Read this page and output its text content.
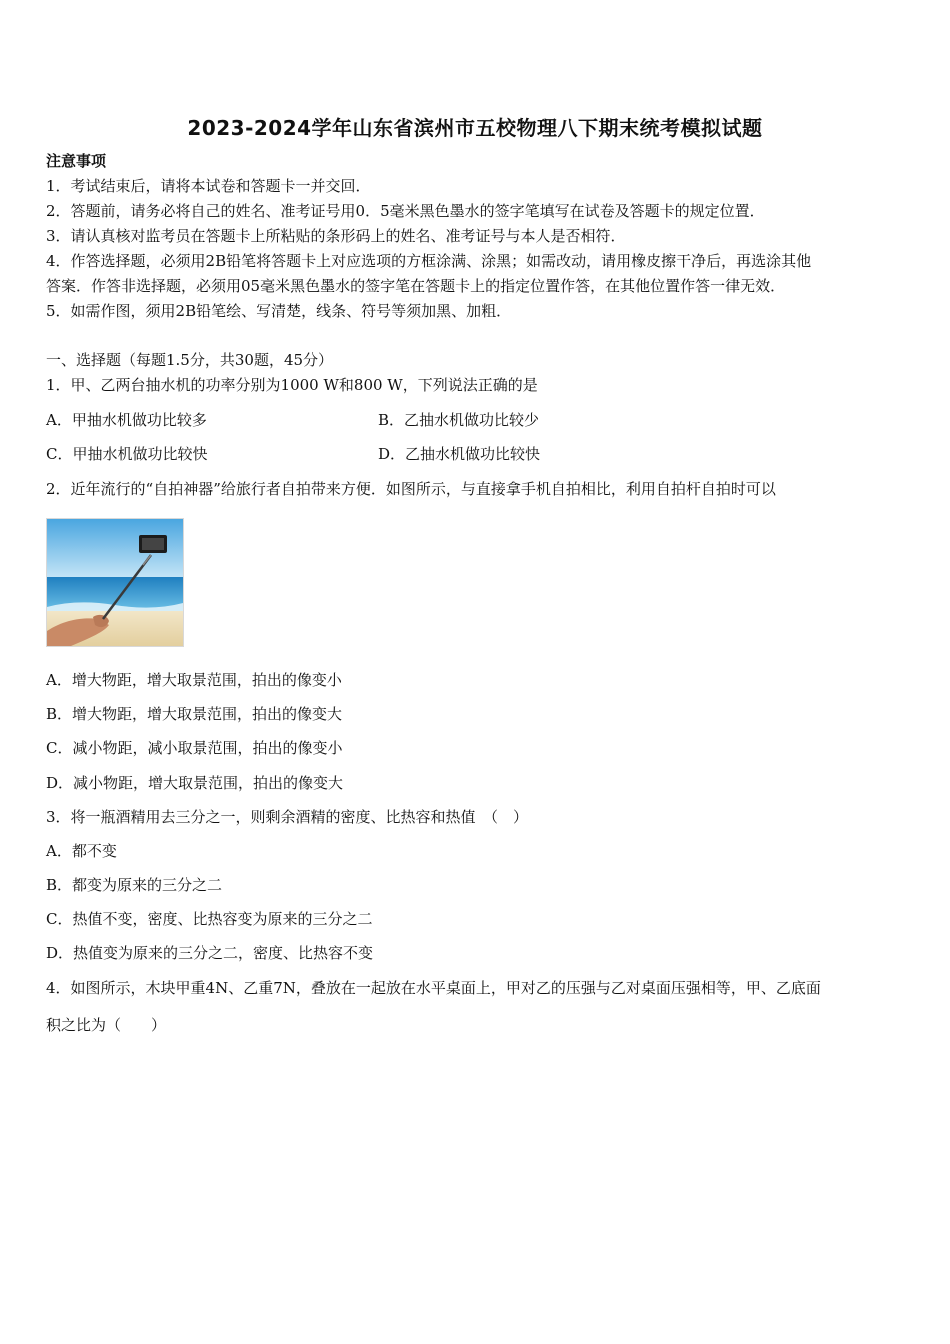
2023-2024学年山东省滨州市五校物理八下期末统考模拟试题
注意事项
1．考试结束后，请将本试卷和答题卡一并交回．
2．答题前，请务必将自己的姓名、准考证号用0．5毫米黑色墨水的签字笔填写在试卷及答题卡的规定位置．
3．请认真核对监考员在答题卡上所粘贴的条形码上的姓名、准考证号与本人是否相符．
4．作答选择题，必须用2B铅笔将答题卡上对应选项的方框涂满、涂黑；如需改动，请用橡皮擦干净后，再选涂其他
答案．作答非选择题，必须用05毫米黑色墨水的签字笔在答题卡上的指定位置作答，在其他位置作答一律无效．
5．如需作图，须用2B铅笔绘、写清楚，线条、符号等须加黑、加粗．
一、选择题（每题1.5分，共30题，45分）
1．甲、乙两台抽水机的功率分别为1000 W和800 W，下列说法正确的是
A．甲抽水机做功比较多	B．乙抽水机做功比较少
C．甲抽水机做功比较快	D．乙抽水机做功比较快
2．近年流行的“自拍神器”给旅行者自拍带来方便．如图所示，与直接拿手机自拍相比，利用自拍杆自拍时可以
A．增大物距，增大取景范围，拍出的像变小
B．增大物距，增大取景范围，拍出的像变大
C．减小物距，减小取景范围，拍出的像变小
D．减小物距，增大取景范围，拍出的像变大
3．将一瓶酒精用去三分之一，则剩余酒精的密度、比热容和热值　（　）
A．都不变
B．都变为原来的三分之二
C．热值不变，密度、比热容变为原来的三分之二
D．热值变为原来的三分之二，密度、比热容不变
4．如图所示，木块甲重4N、乙重7N，叠放在一起放在水平桌面上，甲对乙的压强与乙对桌面压强相等，甲、乙底面
积之比为（　　）
